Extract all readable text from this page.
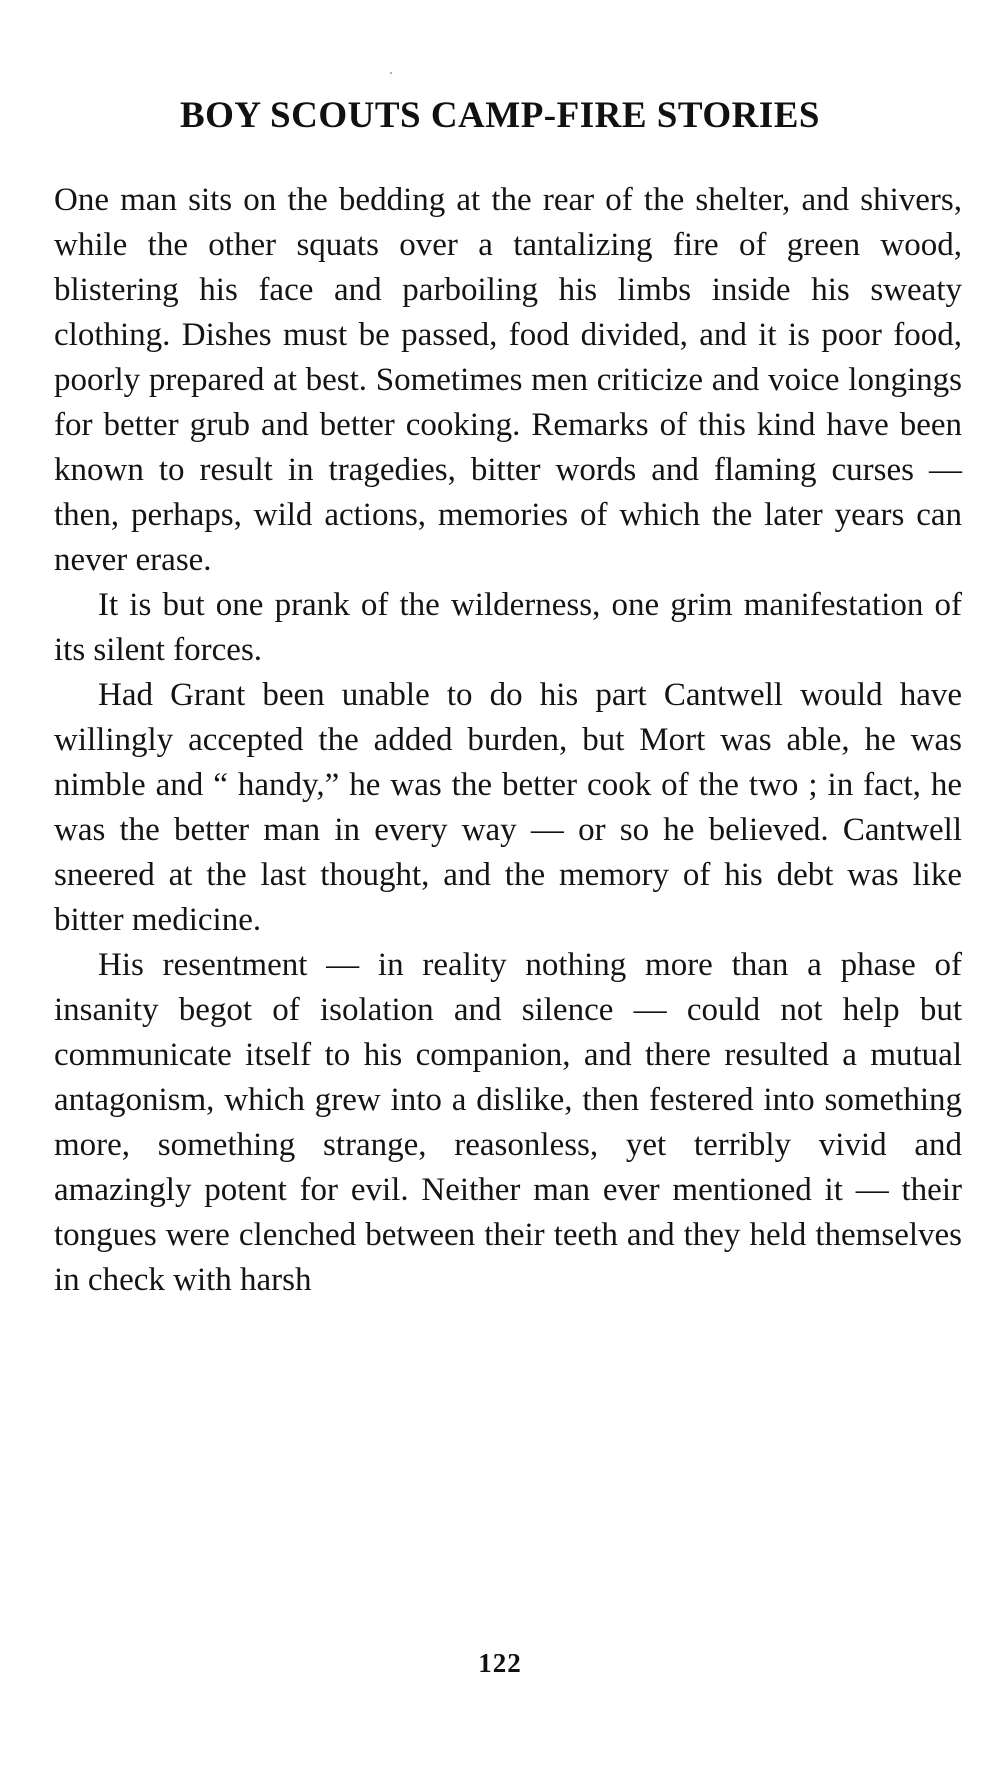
BOY SCOUTS CAMP-FIRE STORIES

One man sits on the bedding at the rear of the shelter, and shivers, while the other squats over a tantalizing fire of green wood, blistering his face and parboiling his limbs inside his sweaty clothing. Dishes must be passed, food divided, and it is poor food, poorly prepared at best. Sometimes men criticize and voice longings for better grub and better cooking. Remarks of this kind have been known to result in tragedies, bitter words and flaming curses — then, perhaps, wild actions, memories of which the later years can never erase.

It is but one prank of the wilderness, one grim manifestation of its silent forces.

Had Grant been unable to do his part Cantwell would have willingly accepted the added burden, but Mort was able, he was nimble and “ handy,” he was the better cook of the two ; in fact, he was the better man in every way — or so he believed. Cantwell sneered at the last thought, and the memory of his debt was like bitter medicine.

His resentment — in reality nothing more than a phase of insanity begot of isolation and silence — could not help but communicate itself to his companion, and there resulted a mutual antagonism, which grew into a dislike, then festered into something more, something strange, reasonless, yet terribly vivid and amazingly potent for evil. Neither man ever mentioned it — their tongues were clenched between their teeth and they held themselves in check with harsh

122
